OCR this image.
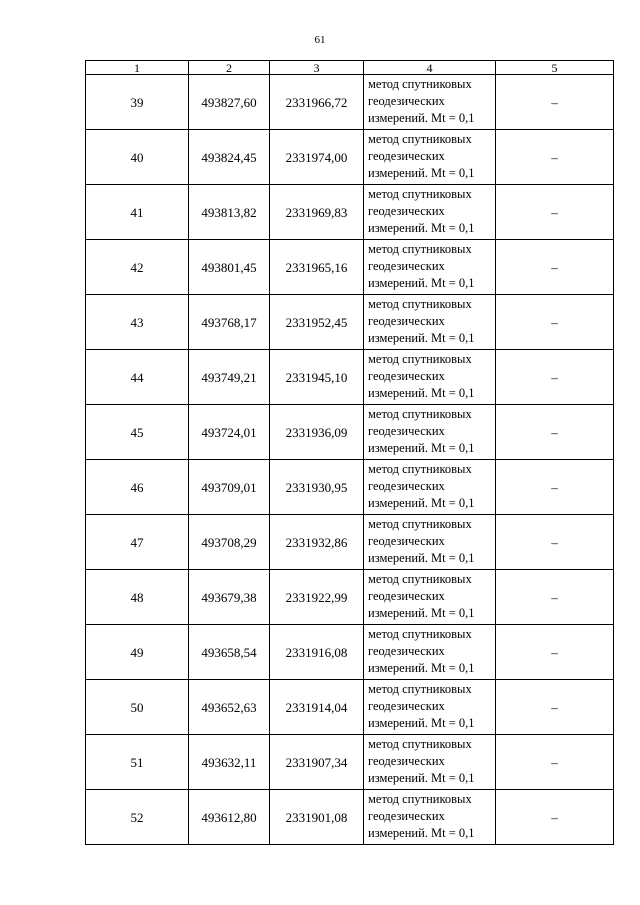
61
1	2	3	4	5
39	493827,60	2331966,72	метод спутниковых
геодезических
измерений. Mt = 0,1	–
40	493824,45	2331974,00	метод спутниковых
геодезических
измерений. Mt = 0,1	–
41	493813,82	2331969,83	метод спутниковых
геодезических
измерений. Mt = 0,1	–
42	493801,45	2331965,16	метод спутниковых
геодезических
измерений. Mt = 0,1	–
43	493768,17	2331952,45	метод спутниковых
геодезических
измерений. Mt = 0,1	–
44	493749,21	2331945,10	метод спутниковых
геодезических
измерений. Mt = 0,1	–
45	493724,01	2331936,09	метод спутниковых
геодезических
измерений. Mt = 0,1	–
46	493709,01	2331930,95	метод спутниковых
геодезических
измерений. Mt = 0,1	–
47	493708,29	2331932,86	метод спутниковых
геодезических
измерений. Mt = 0,1	–
48	493679,38	2331922,99	метод спутниковых
геодезических
измерений. Mt = 0,1	–
49	493658,54	2331916,08	метод спутниковых
геодезических
измерений. Mt = 0,1	–
50	493652,63	2331914,04	метод спутниковых
геодезических
измерений. Mt = 0,1	–
51	493632,11	2331907,34	метод спутниковых
геодезических
измерений. Mt = 0,1	–
52	493612,80	2331901,08	метод спутниковых
геодезических
измерений. Mt = 0,1	–
